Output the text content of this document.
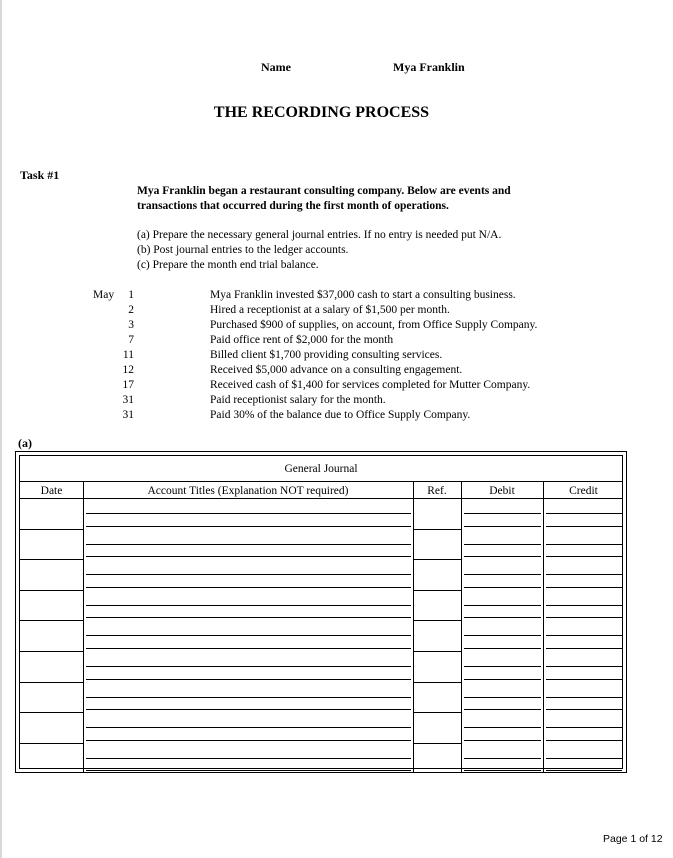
Name	Mya Franklin
THE RECORDING PROCESS
Task #1
Mya Franklin began a restaurant consulting company. Below are events and transactions that occurred during the first month of operations.
(a) Prepare the necessary general journal entries. If no entry is needed put N/A.
(b) Post journal entries to the ledger accounts.
(c) Prepare the month end trial balance.
May	1	Mya Franklin invested $37,000 cash to start a consulting business.
2	Hired a receptionist at a salary of $1,500 per month.
3	Purchased $900 of supplies, on account, from Office Supply Company.
7	Paid office rent of $2,000 for the month
11	Billed client $1,700 providing consulting services.
12	Received $5,000 advance on a consulting engagement.
17	Received cash of $1,400 for services completed for Mutter Company.
31	Paid receptionist salary for the month.
31	Paid 30% of the balance due to Office Supply Company.
(a)
General Journal
Date	Account Titles (Explanation NOT required)	Ref.	Debit	Credit
Page 1 of 12
